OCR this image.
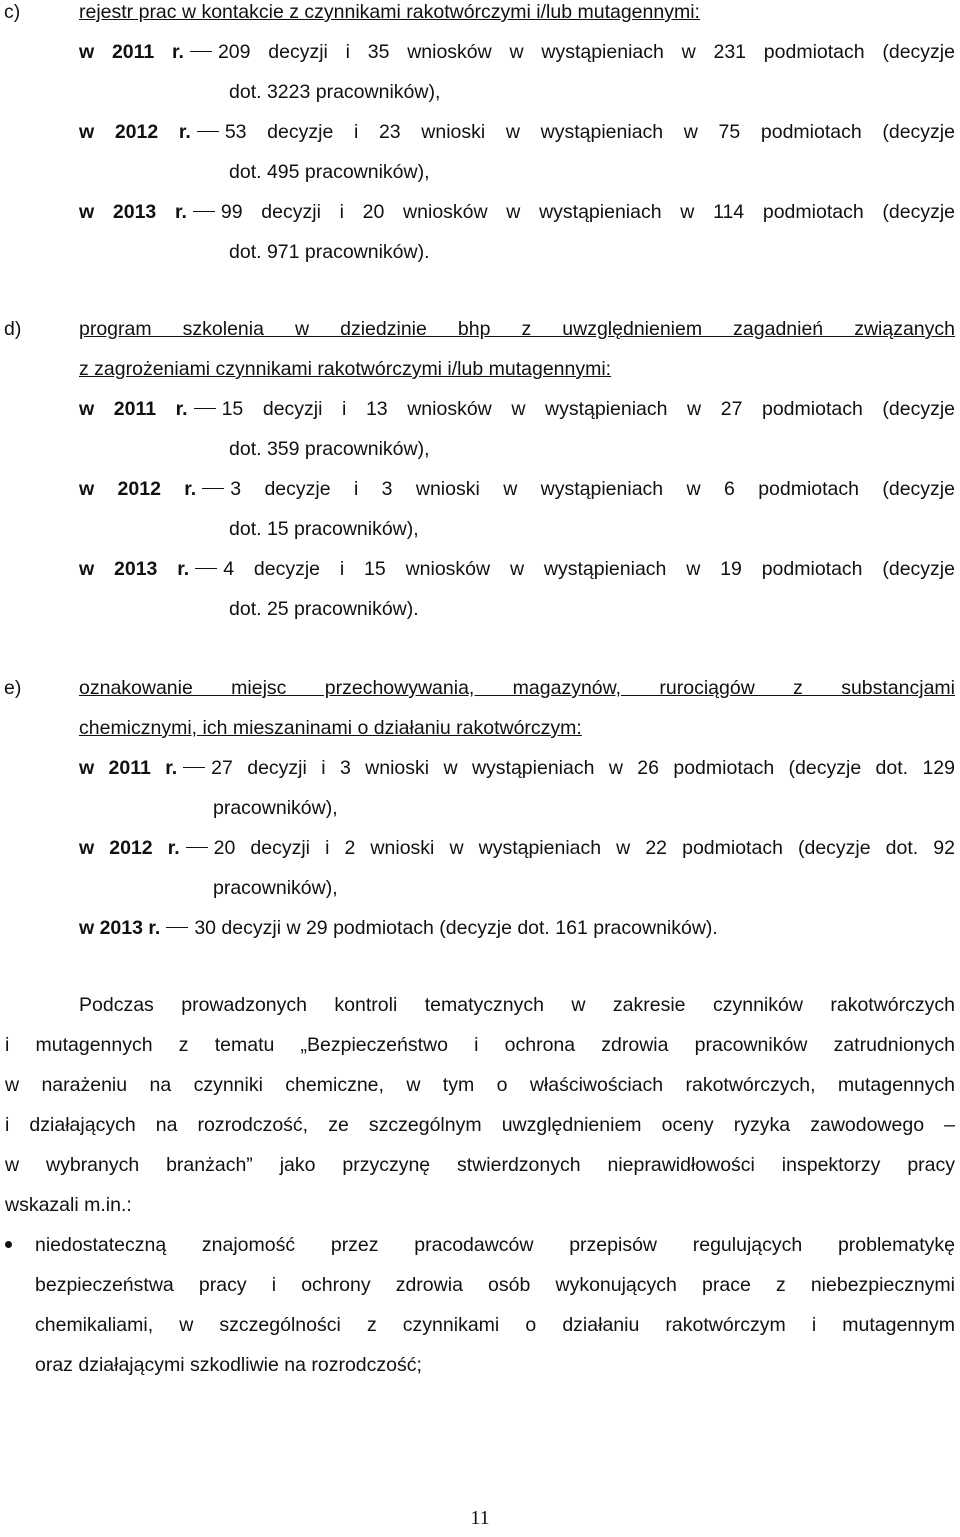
c)	rejestr prac w kontakcie z czynnikami rakotwórczymi i/lub mutagennymi:
w 2011 r. 209 decyzji i 35 wniosków w wystąpieniach w 231 podmiotach (decyzje
dot. 3223 pracowników),
w 2012 r. 53 decyzje i 23 wnioski w wystąpieniach w 75 podmiotach (decyzje
dot. 495 pracowników),
w 2013 r. 99 decyzji i 20 wniosków w wystąpieniach w 114 podmiotach (decyzje
dot. 971 pracowników).
d)	program szkolenia w dziedzinie bhp z uwzględnieniem zagadnień związanych
z zagrożeniami czynnikami rakotwórczymi i/lub mutagennymi:
w 2011 r. 15 decyzji i 13 wniosków w wystąpieniach w 27 podmiotach (decyzje
dot. 359 pracowników),
w 2012 r. 3 decyzje i 3 wnioski w wystąpieniach w 6 podmiotach (decyzje
dot. 15 pracowników),
w 2013 r. 4 decyzje i 15 wniosków w wystąpieniach w 19 podmiotach (decyzje
dot. 25 pracowników).
e)	oznakowanie miejsc przechowywania, magazynów, rurociągów z substancjami
chemicznymi, ich mieszaninami o działaniu rakotwórczym:
w 2011 r. 27 decyzji i 3 wnioski w wystąpieniach w 26 podmiotach (decyzje dot. 129
pracowników),
w 2012 r. 20 decyzji i 2 wnioski w wystąpieniach w 22 podmiotach (decyzje dot. 92
pracowników),
w 2013 r. 30 decyzji w 29 podmiotach (decyzje dot. 161 pracowników).
Podczas prowadzonych kontroli tematycznych w zakresie czynników rakotwórczych
i mutagennych z tematu „Bezpieczeństwo i ochrona zdrowia pracowników zatrudnionych
w narażeniu na czynniki chemiczne, w tym o właściwościach rakotwórczych, mutagennych
i działających na rozrodczość, ze szczególnym uwzględnieniem oceny ryzyka zawodowego –
w wybranych branżach” jako przyczynę stwierdzonych nieprawidłowości inspektorzy pracy
wskazali m.in.:
niedostateczną znajomość przez pracodawców przepisów regulujących problematykę
bezpieczeństwa pracy i ochrony zdrowia osób wykonujących prace z niebezpiecznymi
chemikaliami, w szczególności z czynnikami o działaniu rakotwórczym i mutagennym
oraz działającymi szkodliwie na rozrodczość;
11
